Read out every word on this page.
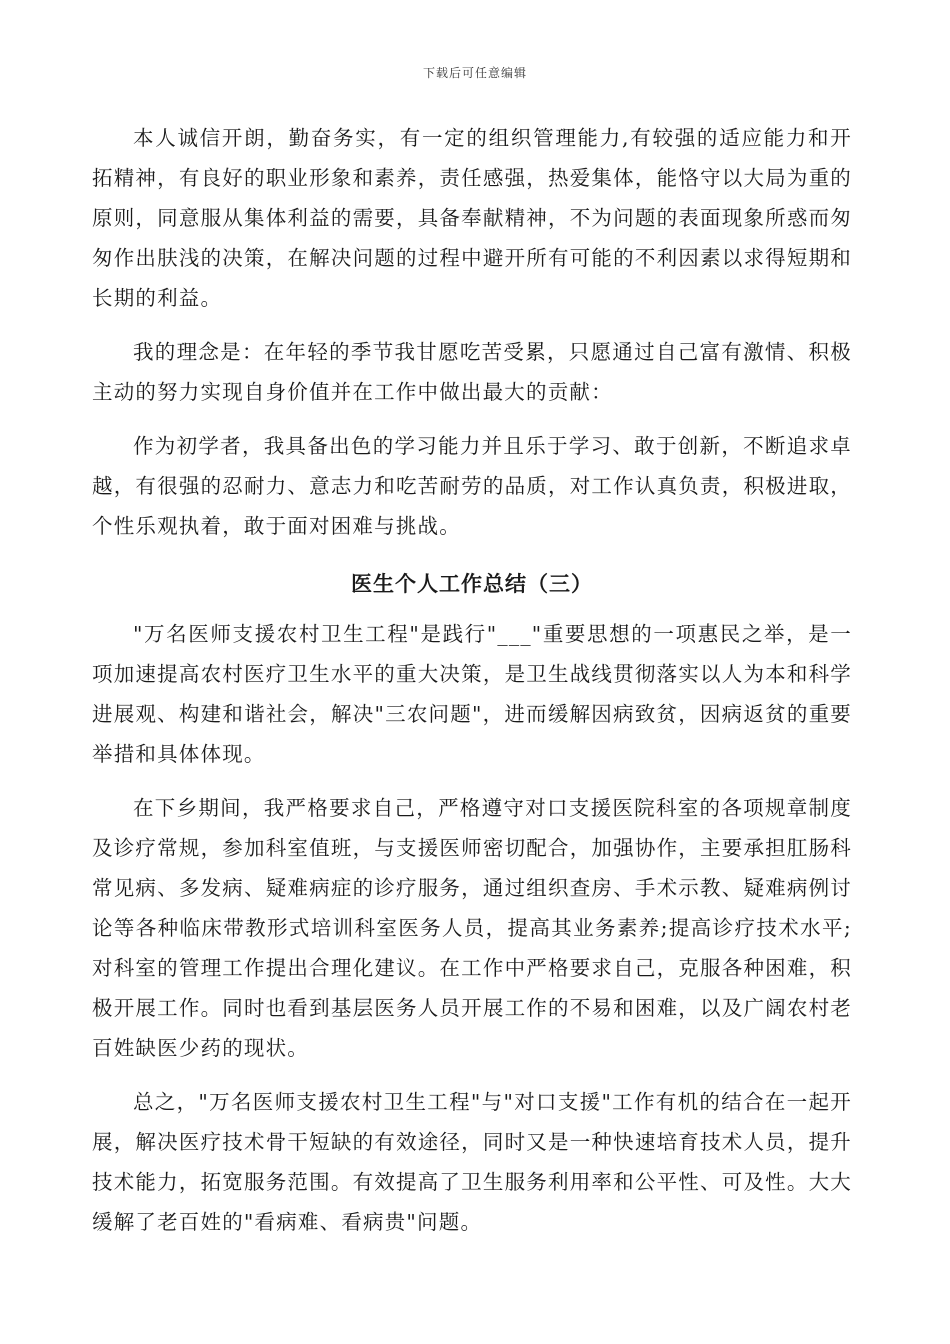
下载后可任意编辑

本人诚信开朗，勤奋务实，有一定的组织管理能力,有较强的适应能力和开拓精神，有良好的职业形象和素养，责任感强，热爱集体，能恪守以大局为重的原则，同意服从集体利益的需要，具备奉献精神，不为问题的表面现象所惑而匆匆作出肤浅的决策，在解决问题的过程中避开所有可能的不利因素以求得短期和长期的利益。

我的理念是：在年轻的季节我甘愿吃苦受累，只愿通过自己富有激情、积极主动的努力实现自身价值并在工作中做出最大的贡献：

作为初学者，我具备出色的学习能力并且乐于学习、敢于创新，不断追求卓越，有很强的忍耐力、意志力和吃苦耐劳的品质，对工作认真负责，积极进取，个性乐观执着，敢于面对困难与挑战。

医生个人工作总结（三）

"万名医师支援农村卫生工程"是践行"___"重要思想的一项惠民之举，是一项加速提高农村医疗卫生水平的重大决策，是卫生战线贯彻落实以人为本和科学进展观、构建和谐社会，解决"三农问题"，进而缓解因病致贫，因病返贫的重要举措和具体体现。

在下乡期间，我严格要求自己，严格遵守对口支援医院科室的各项规章制度及诊疗常规，参加科室值班，与支援医师密切配合，加强协作，主要承担肛肠科常见病、多发病、疑难病症的诊疗服务，通过组织查房、手术示教、疑难病例讨论等各种临床带教形式培训科室医务人员，提高其业务素养;提高诊疗技术水平;对科室的管理工作提出合理化建议。在工作中严格要求自己，克服各种困难，积极开展工作。同时也看到基层医务人员开展工作的不易和困难，以及广阔农村老百姓缺医少药的现状。

总之，"万名医师支援农村卫生工程"与"对口支援"工作有机的结合在一起开展，解决医疗技术骨干短缺的有效途径，同时又是一种快速培育技术人员，提升技术能力，拓宽服务范围。有效提高了卫生服务利用率和公平性、可及性。大大缓解了老百姓的"看病难、看病贵"问题。
